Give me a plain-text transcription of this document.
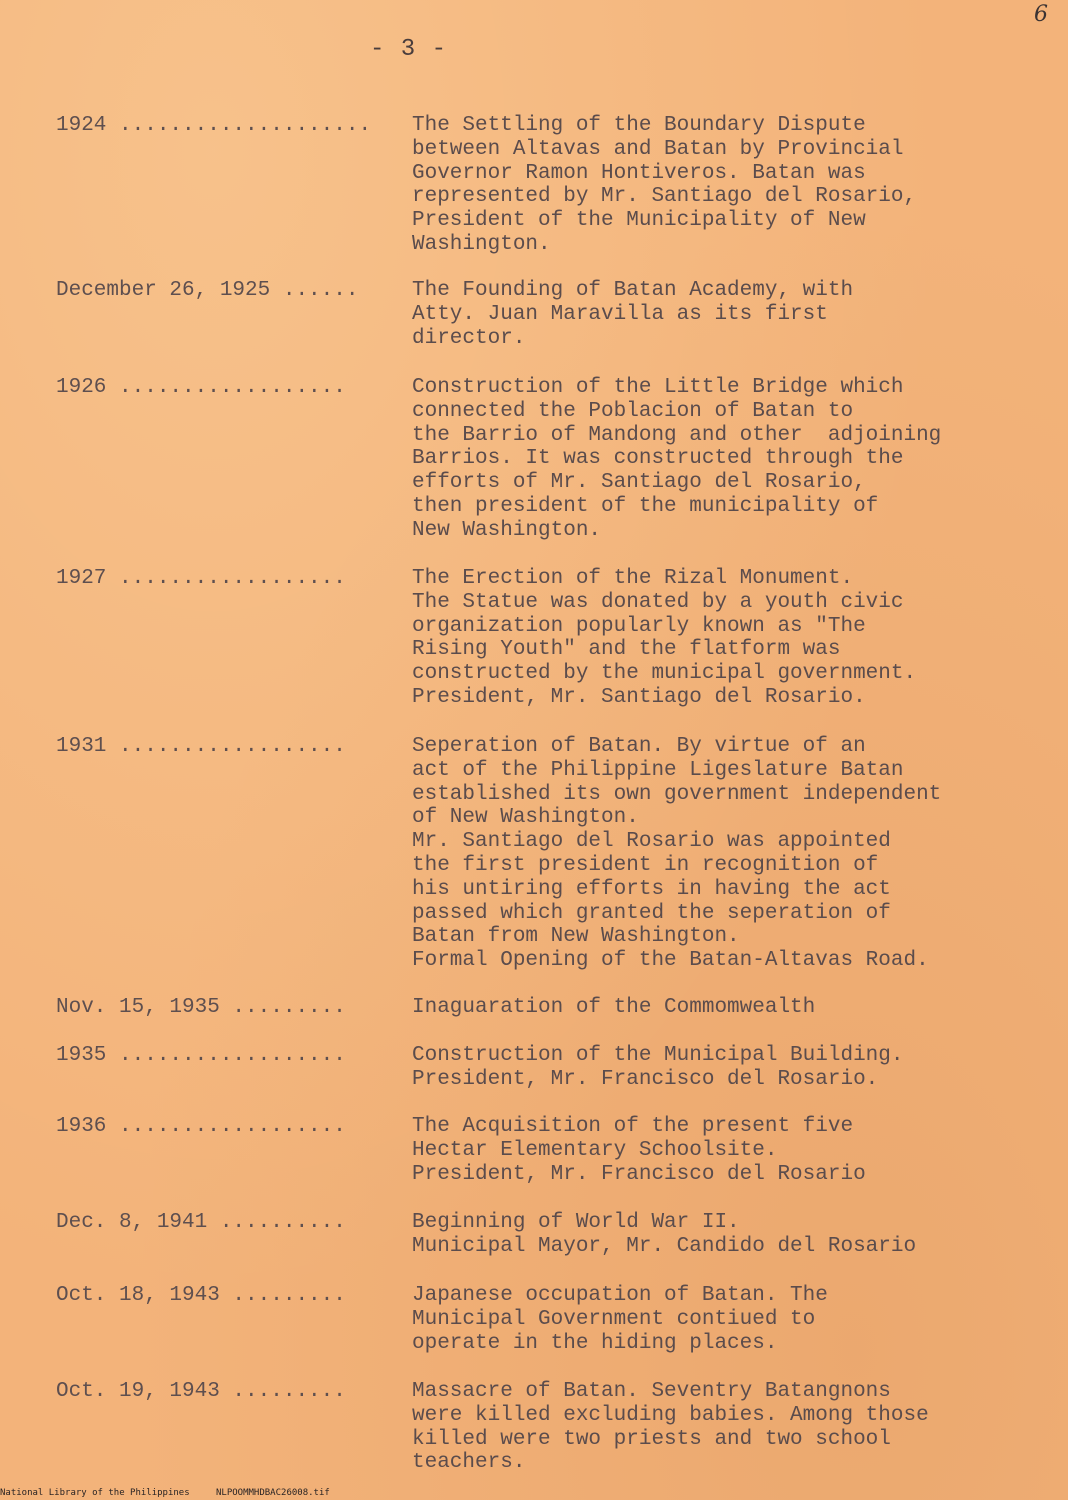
6
- 3 -
1924 ....................	The Settling of the Boundary Dispute
between Altavas and Batan by Provincial
Governor Ramon Hontiveros. Batan was
represented by Mr. Santiago del Rosario,
President of the Municipality of New
Washington.
December 26, 1925 ......	The Founding of Batan Academy, with
Atty. Juan Maravilla as its first
director.
1926 ..................	Construction of the Little Bridge which
connected the Poblacion of Batan to
the Barrio of Mandong and other  adjoining
Barrios. It was constructed through the
efforts of Mr. Santiago del Rosario,
then president of the municipality of
New Washington.
1927 ..................	The Erection of the Rizal Monument.
The Statue was donated by a youth civic
organization popularly known as "The
Rising Youth" and the flatform was
constructed by the municipal government.
President, Mr. Santiago del Rosario.
1931 ..................	Seperation of Batan. By virtue of an
act of the Philippine Ligeslature Batan
established its own government independent
of New Washington.
Mr. Santiago del Rosario was appointed
the first president in recognition of
his untiring efforts in having the act
passed which granted the seperation of
Batan from New Washington.
Formal Opening of the Batan-Altavas Road.
Nov. 15, 1935 .........	Inaguaration of the Commomwealth
1935 ..................	Construction of the Municipal Building.
President, Mr. Francisco del Rosario.
1936 ..................	The Acquisition of the present five
Hectar Elementary Schoolsite.
President, Mr. Francisco del Rosario
Dec. 8, 1941 ..........	Beginning of World War II.
Municipal Mayor, Mr. Candido del Rosario
Oct. 18, 1943 .........	Japanese occupation of Batan. The
Municipal Government contiued to
operate in the hiding places.
Oct. 19, 1943 .........	Massacre of Batan. Seventry Batangnons
were killed excluding babies. Among those
killed were two priests and two school
teachers.
National Library of the Philippines	NLPOOMMHDBAC26008.tif
